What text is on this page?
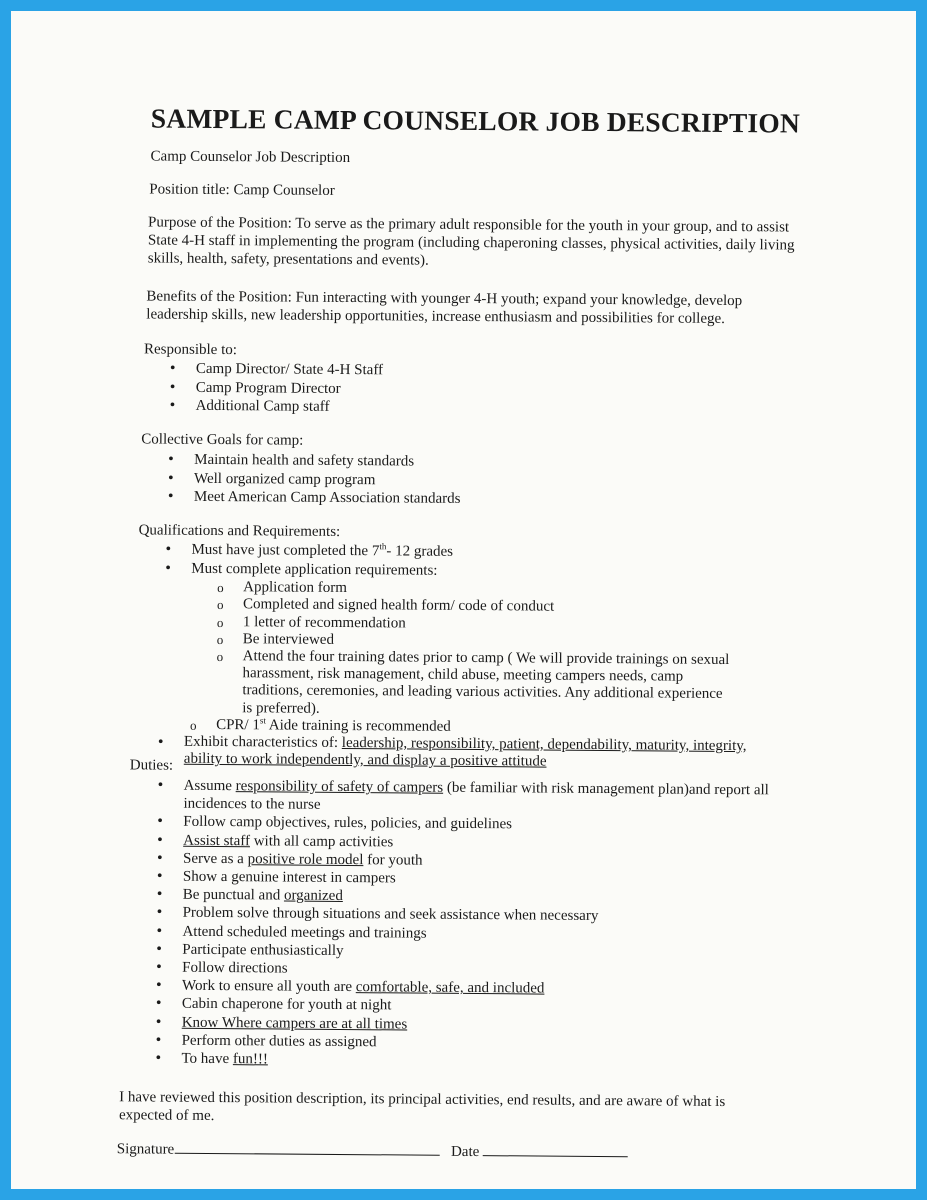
SAMPLE CAMP COUNSELOR JOB DESCRIPTION
Camp Counselor Job Description
Position title: Camp Counselor
Purpose of the Position: To serve as the primary adult responsible for the youth in your group, and to assist State 4-H staff in implementing the program (including chaperoning classes, physical activities, daily living skills, health, safety, presentations and events).
Benefits of the Position: Fun interacting with younger 4-H youth; expand your knowledge, develop leadership skills, new leadership opportunities, increase enthusiasm and possibilities for college.
Responsible to:
• Camp Director/ State 4-H Staff
• Camp Program Director
• Additional Camp staff
Collective Goals for camp:
• Maintain health and safety standards
• Well organized camp program
• Meet American Camp Association standards
Qualifications and Requirements:
• Must have just completed the 7th- 12 grades
• Must complete application requirements:
o Application form
o Completed and signed health form/ code of conduct
o 1 letter of recommendation
o Be interviewed
o Attend the four training dates prior to camp ( We will provide trainings on sexual harassment, risk management, child abuse, meeting campers needs, camp traditions, ceremonies, and leading various activities. Any additional experience is preferred).
o CPR/ 1st Aide training is recommended
• Exhibit characteristics of: leadership, responsibility, patient, dependability, maturity, integrity, ability to work independently, and display a positive attitude
Duties:
• Assume responsibility of safety of campers (be familiar with risk management plan)and report all incidences to the nurse
• Follow camp objectives, rules, policies, and guidelines
• Assist staff with all camp activities
• Serve as a positive role model for youth
• Show a genuine interest in campers
• Be punctual and organized
• Problem solve through situations and seek assistance when necessary
• Attend scheduled meetings and trainings
• Participate enthusiastically
• Follow directions
• Work to ensure all youth are comfortable, safe, and included
• Cabin chaperone for youth at night
• Know Where campers are at all times
• Perform other duties as assigned
• To have fun!!!
I have reviewed this position description, its principal activities, end results, and are aware of what is expected of me.
Signature	Date
